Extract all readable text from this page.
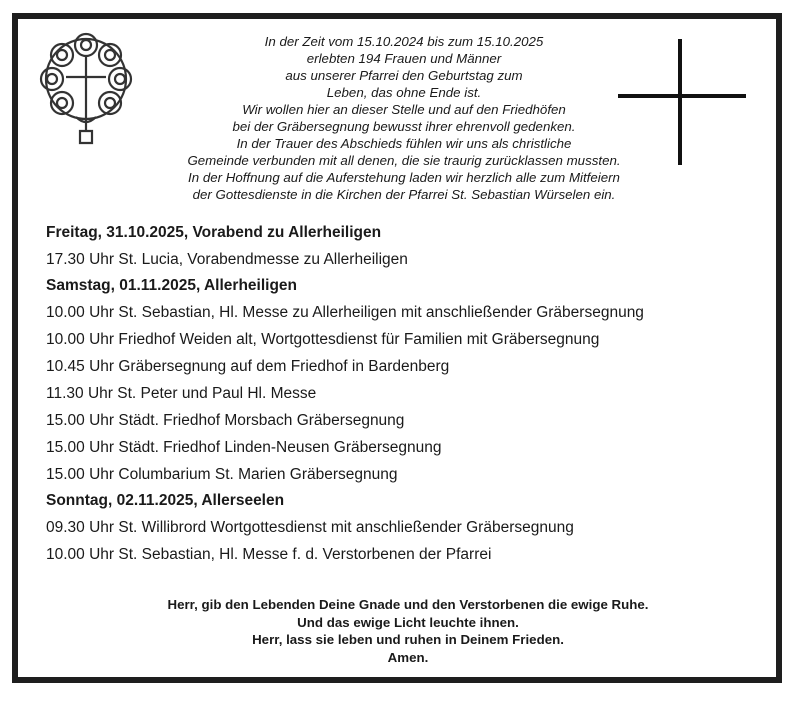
In der Zeit vom 15.10.2024 bis zum 15.10.2025
erlebten 194 Frauen und Männer
aus unserer Pfarrei den Geburtstag zum
Leben, das ohne Ende ist.
Wir wollen hier an dieser Stelle und auf den Friedhöfen
bei der Gräbersegnung bewusst ihrer ehrenvoll gedenken.
In der Trauer des Abschieds fühlen wir uns als christliche
Gemeinde verbunden mit all denen, die sie traurig zurücklassen mussten.
In der Hoffnung auf die Auferstehung laden wir herzlich alle zum Mitfeiern
der Gottesdienste in die Kirchen der Pfarrei St. Sebastian Würselen ein.
Freitag, 31.10.2025, Vorabend zu Allerheiligen
17.30 Uhr St. Lucia, Vorabendmesse zu Allerheiligen
Samstag, 01.11.2025, Allerheiligen
10.00 Uhr St. Sebastian, Hl. Messe zu Allerheiligen mit anschließender Gräbersegnung
10.00 Uhr Friedhof Weiden alt, Wortgottesdienst für Familien mit Gräbersegnung
10.45 Uhr Gräbersegnung auf dem Friedhof in Bardenberg
11.30 Uhr St. Peter und Paul Hl. Messe
15.00 Uhr Städt. Friedhof Morsbach Gräbersegnung
15.00 Uhr Städt. Friedhof Linden-Neusen Gräbersegnung
15.00 Uhr Columbarium St. Marien Gräbersegnung
Sonntag, 02.11.2025, Allerseelen
09.30 Uhr St. Willibrord Wortgottesdienst mit anschließender Gräbersegnung
10.00 Uhr St. Sebastian, Hl. Messe f. d. Verstorbenen der Pfarrei
Herr, gib den Lebenden Deine Gnade und den Verstorbenen die ewige Ruhe.
Und das ewige Licht leuchte ihnen.
Herr, lass sie leben und ruhen in Deinem Frieden.
Amen.
